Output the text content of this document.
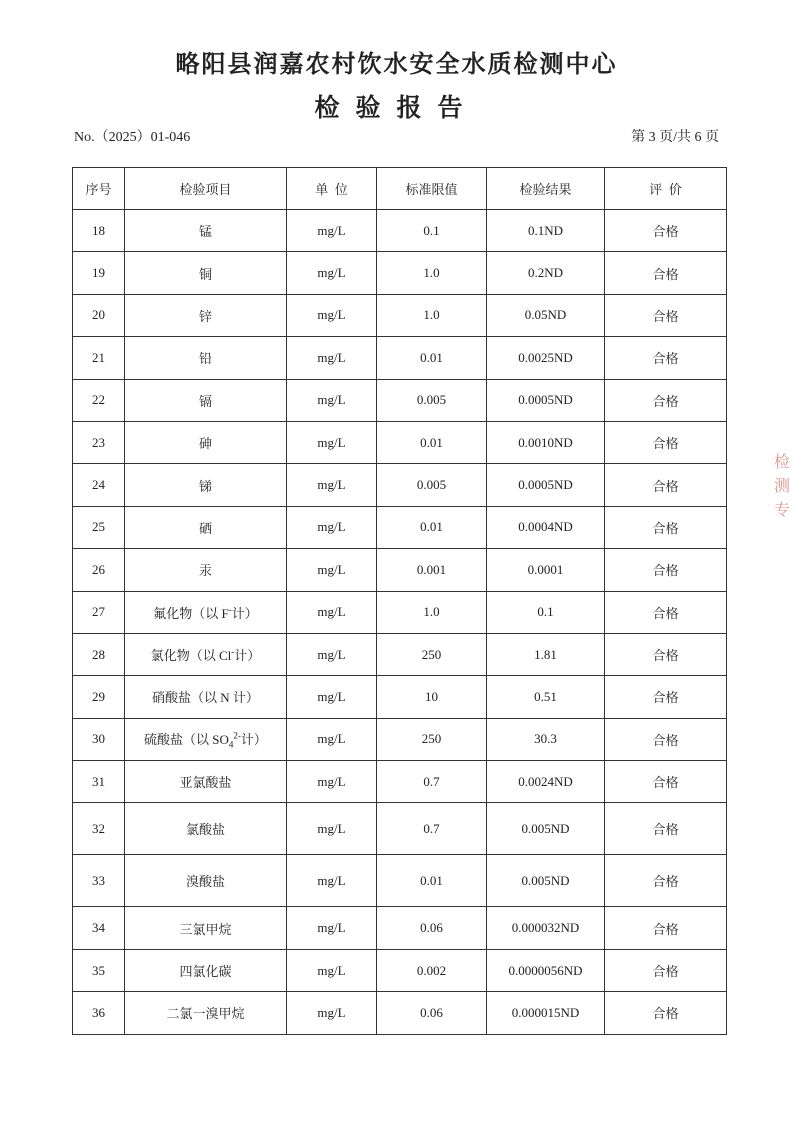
略阳县润嘉农村饮水安全水质检测中心
检验报告
No.（2025）01-046	第 3 页/共 6 页
序号	检验项目	单  位	标准限值	检验结果	评  价
18	锰	mg/L	0.1	0.1ND	合格
19	铜	mg/L	1.0	0.2ND	合格
20	锌	mg/L	1.0	0.05ND	合格
21	铅	mg/L	0.01	0.0025ND	合格
22	镉	mg/L	0.005	0.0005ND	合格
23	砷	mg/L	0.01	0.0010ND	合格
24	锑	mg/L	0.005	0.0005ND	合格
25	硒	mg/L	0.01	0.0004ND	合格
26	汞	mg/L	0.001	0.0001	合格
27	氟化物（以 F-计）	mg/L	1.0	0.1	合格
28	氯化物（以 Cl-计）	mg/L	250	1.81	合格
29	硝酸盐（以 N 计）	mg/L	10	0.51	合格
30	硫酸盐（以 $SO_4^{2-}$计）	mg/L	250	30.3	合格
31	亚氯酸盐	mg/L	0.7	0.0024ND	合格
32	氯酸盐	mg/L	0.7	0.005ND	合格
33	溴酸盐	mg/L	0.01	0.005ND	合格
34	三氯甲烷	mg/L	0.06	0.000032ND	合格
35	四氯化碳	mg/L	0.002	0.0000056ND	合格
36	二氯一溴甲烷	mg/L	0.06	0.000015ND	合格
检
测
专
